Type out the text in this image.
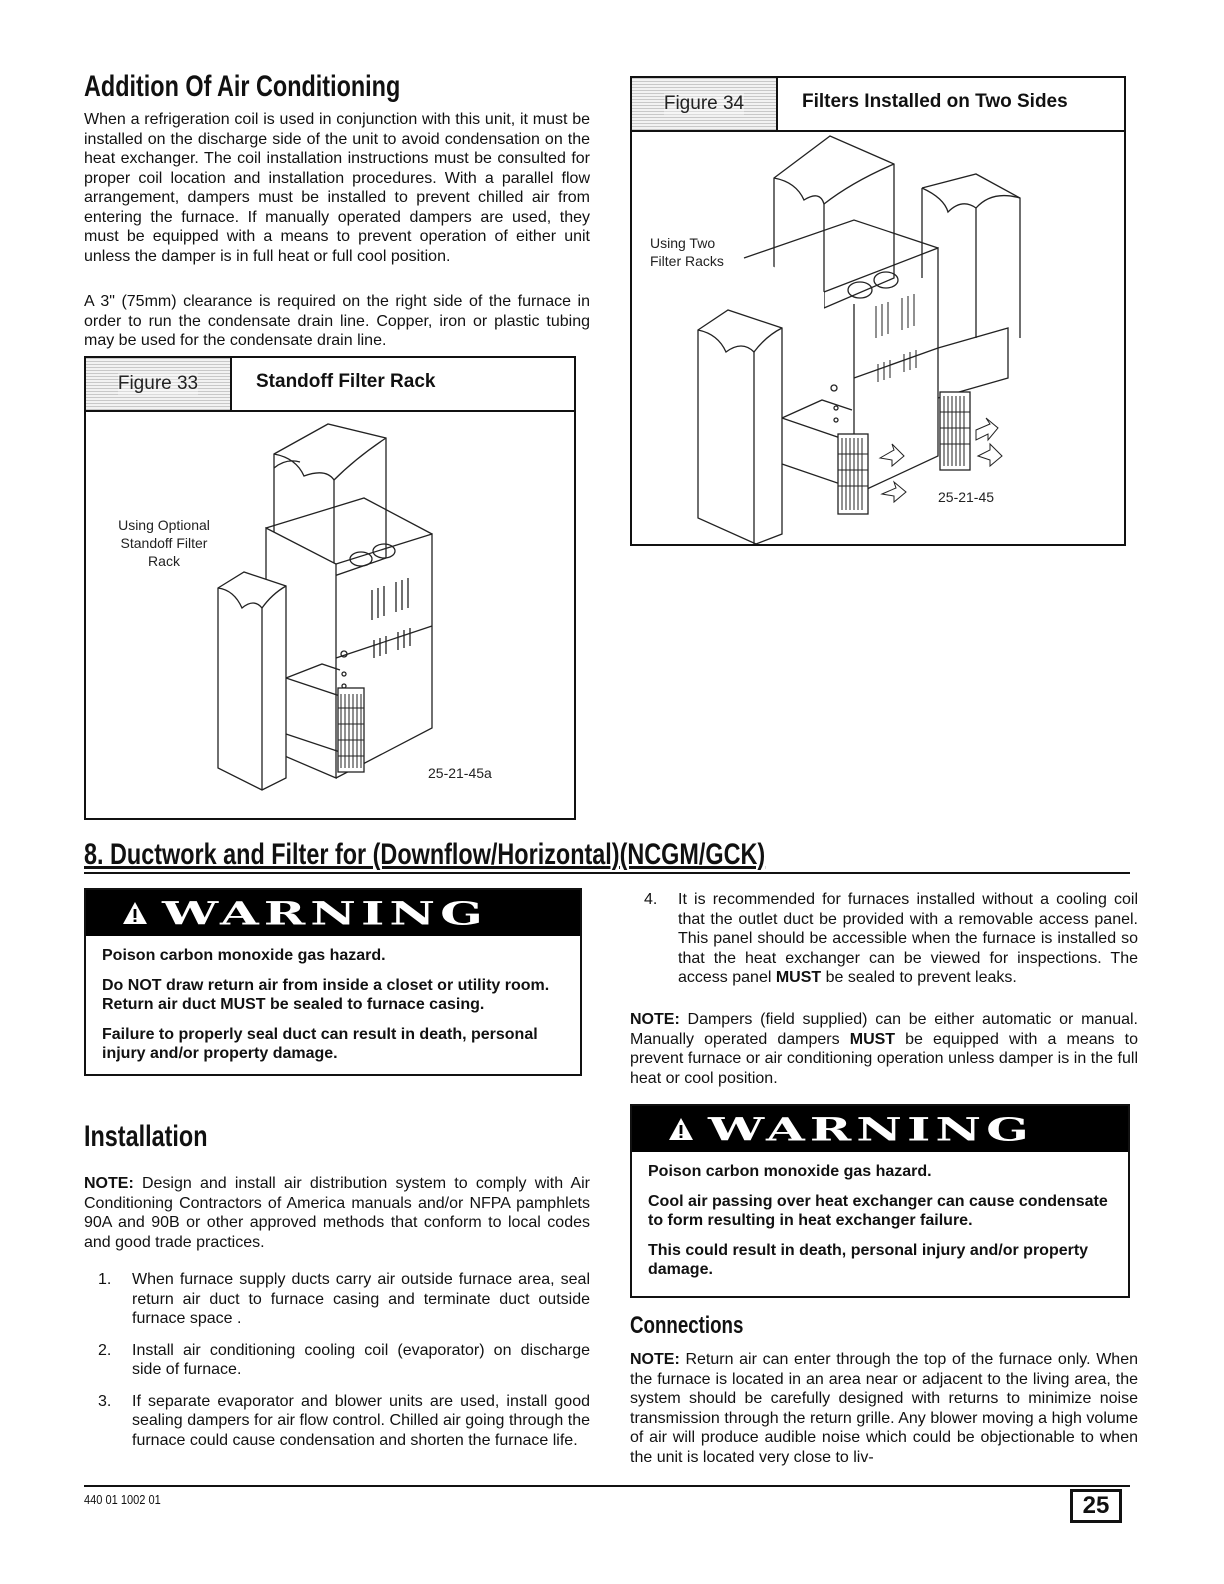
Addition Of Air Conditioning

When a refrigeration coil is used in conjunction with this unit, it must be installed on the discharge side of the unit to avoid condensation on the heat exchanger. The coil installation instructions must be consulted for proper coil location and installation procedures. With a parallel flow arrangement, dampers must be installed to prevent chilled air from entering the furnace. If manually operated dampers are used, they must be equipped with a means to prevent operation of either unit unless the damper is in full heat or full cool position.

A 3" (75mm) clearance is required on the right side of the furnace in order to run the condensate drain line. Copper, iron or plastic tubing may be used for the condensate drain line.

Figure 33	Standoff Filter Rack
Using Optional
Standoff Filter
Rack
25-21-45a
Figure 34	Filters Installed on Two Sides
Using Two
Filter Racks
25-21-45
8. Ductwork and Filter for (Downflow/Horizontal)(NCGM/GCK)
WARNING

Poison carbon monoxide gas hazard.

Do NOT draw return air from inside a closet or utility room. Return air duct MUST be sealed to furnace casing.

Failure to properly seal duct can result in death, personal injury and/or property damage.

Installation

NOTE: Design and install air distribution system to comply with Air Conditioning Contractors of America manuals and/or NFPA pamphlets 90A and 90B or other approved methods that conform to local codes and good trade practices.

1. When furnace supply ducts carry air outside furnace area, seal return air duct to furnace casing and terminate duct outside furnace space .
2. Install air conditioning cooling coil (evaporator) on discharge side of furnace.
3. If separate evaporator and blower units are used, install good sealing dampers for air flow control. Chilled air going through the furnace could cause condensation and shorten the furnace life.
4. It is recommended for furnaces installed without a cooling coil that the outlet duct be provided with a removable access panel. This panel should be accessible when the furnace is installed so that the heat exchanger can be viewed for inspections. The access panel MUST be sealed to prevent leaks.

NOTE: Dampers (field supplied) can be either automatic or manual. Manually operated dampers MUST be equipped with a means to prevent furnace or air conditioning operation unless damper is in the full heat or cool position.

WARNING

Poison carbon monoxide gas hazard.

Cool air passing over heat exchanger can cause condensate to form resulting in heat exchanger failure.

This could result in death, personal injury and/or property damage.

Connections

NOTE: Return air can enter through the top of the furnace only. When the furnace is located in an area near or adjacent to the living area, the system should be carefully designed with returns to minimize noise transmission through the return grille. Any blower moving a high volume of air will produce audible noise which could be objectionable to when the unit is located very close to liv-

440 01 1002 01	25
